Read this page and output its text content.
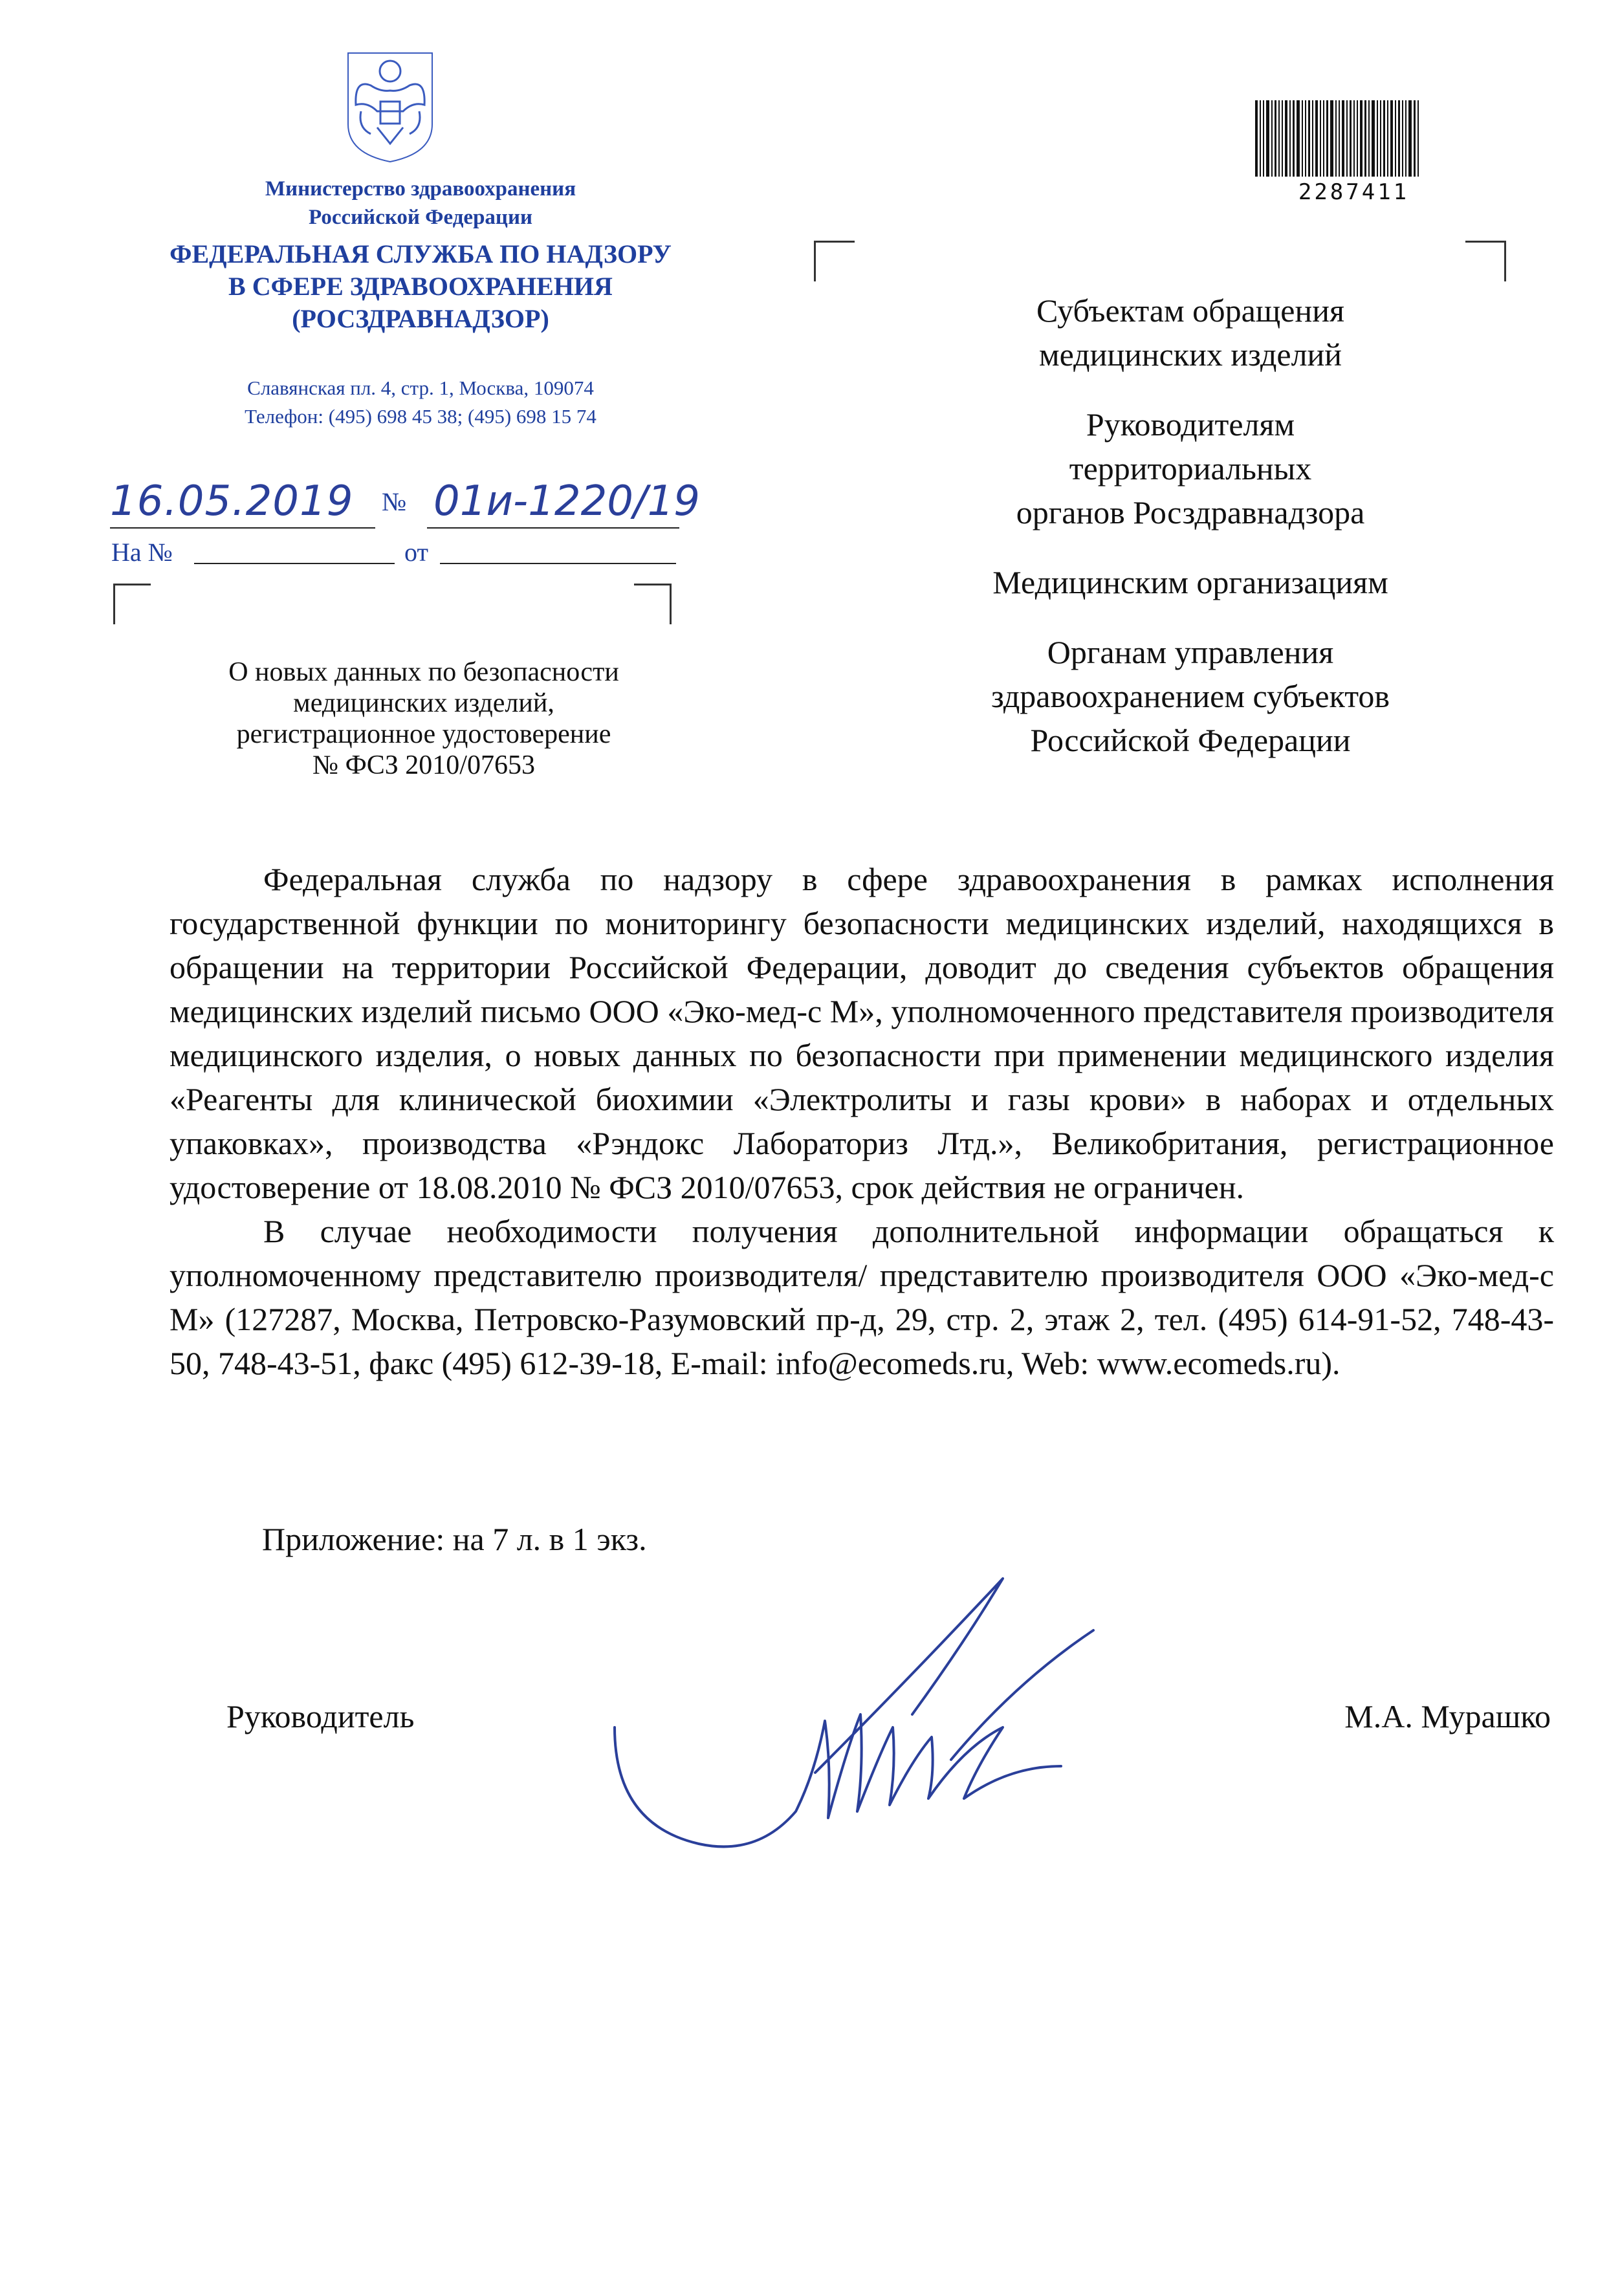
Министерство здравоохранения
Российской Федерации
ФЕДЕРАЛЬНАЯ СЛУЖБА ПО НАДЗОРУ
В СФЕРЕ ЗДРАВООХРАНЕНИЯ
(РОСЗДРАВНАДЗОР)
Славянская пл. 4, стр. 1, Москва, 109074
Телефон: (495) 698 45 38; (495) 698 15 74
16.05.2019	№ 01и-1220/19
На №	от
О новых данных по безопасности
медицинских изделий,
регистрационное удостоверение
№ ФСЗ 2010/07653
2287411

Субъектам обращения
медицинских изделий

Руководителям
территориальных
органов Росздравнадзора

Медицинским организациям

Органам управления
здравоохранением субъектов
Российской Федерации

Федеральная служба по надзору в сфере здравоохранения в рамках исполнения государственной функции по мониторингу безопасности медицинских изделий, находящихся в обращении на территории Российской Федерации, доводит до сведения субъектов обращения медицинских изделий письмо ООО «Эко-мед-с М», уполномоченного представителя производителя медицинского изделия, о новых данных по безопасности при применении медицинского изделия «Реагенты для клинической биохимии «Электролиты и газы крови» в наборах и отдельных упаковках», производства «Рэндокс Лабораториз Лтд.», Великобритания, регистрационное удостоверение от 18.08.2010 № ФСЗ 2010/07653, срок действия не ограничен.

В случае необходимости получения дополнительной информации обращаться к уполномоченному представителю производителя/ представителю производителя ООО «Эко-мед-с М» (127287, Москва, Петровско-Разумовский пр-д, 29, стр. 2, этаж 2, тел. (495) 614-91-52, 748-43-50, 748-43-51, факс (495) 612-39-18, E-mail: info@ecomeds.ru, Web: www.ecomeds.ru).

Приложение: на 7 л. в 1 экз.
Руководитель	М.А. Мурашко
